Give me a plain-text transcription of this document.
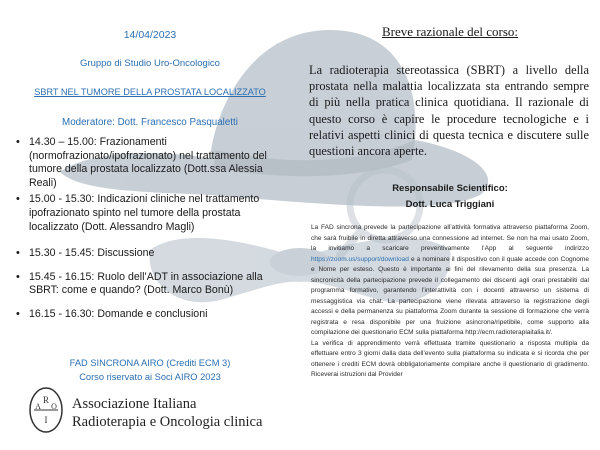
14/04/2023
Gruppo di Studio Uro-Oncologico
SBRT NEL TUMORE DELLA PROSTATA LOCALIZZATO
Moderatore: Dott. Francesco Pasqualetti
• 14.30 – 15.00: Frazionamenti (normofrazionato/ipofrazionato) nel trattamento del tumore della prostata localizzato (Dott.ssa Alessia Reali)
• 15.00 - 15.30: Indicazioni cliniche nel trattamento ipofrazionato spinto nel tumore della prostata localizzato (Dott. Alessandro Magli)
• 15.30 - 15.45: Discussione
• 15.45 - 16.15: Ruolo dell’ADT in associazione alla SBRT: come e quando? (Dott. Marco Bonù)
• 16.15 - 16.30: Domande e conclusioni
FAD SINCRONA AIRO (Crediti ECM 3)
Corso riservato ai Soci AIRO 2023
R
A O
I
Associazione Italiana
Radioterapia e Oncologia clinica
Breve razionale del corso:
La radioterapia stereotassica (SBRT) a livello della prostata nella malattia localizzata sta entrando sempre di più nella pratica clinica quotidiana. Il razionale di questo corso è capire le procedure tecnologiche e i relativi aspetti clinici di questa tecnica e discutere sulle questioni ancora aperte.
Responsabile Scientifico:
Dott. Luca Triggiani
La FAD sincrona prevede la partecipazione all’attività formativa attraverso piattaforma Zoom, che sarà fruibile in diretta attraverso una connessione ad internet. Se non ha mai usato Zoom, la invitiamo a scaricare preventivamente l’App al seguente indirizzo https://zoom.us/support/download e a nominare il dispositivo con il quale accede con Cognome e Nome per esteso. Questo è importante ai fini del rilevamento della sua presenza. La sincronicità della partecipazione prevede il collegamento dei discenti agli orari prestabiliti dal programma formativo, garantendo l’interattività con i docenti attraverso un sistema di messaggistica via chat. La partecipazione viene rilevata attraverso la registrazione degli accessi e della permanenza su piattaforma Zoom durante la sessione di formazione che verrà registrata e resa disponibile per una fruizione asincrona/ripetibile, come supporto alla compilazione dei questionario ECM sulla piattaforma http://ecm.radioterapiaitalia.it/.
La verifica di apprendimento verrà effettuata tramite questionario a risposta multipla da effettuare entro 3 giorni dalla data dell’evento sulla piattaforma su indicata e si ricorda che per ottenere i crediti ECM dovrà obbligatoriamente compilare anche il questionario di gradimento. Riceverai istruzioni dal Provider
